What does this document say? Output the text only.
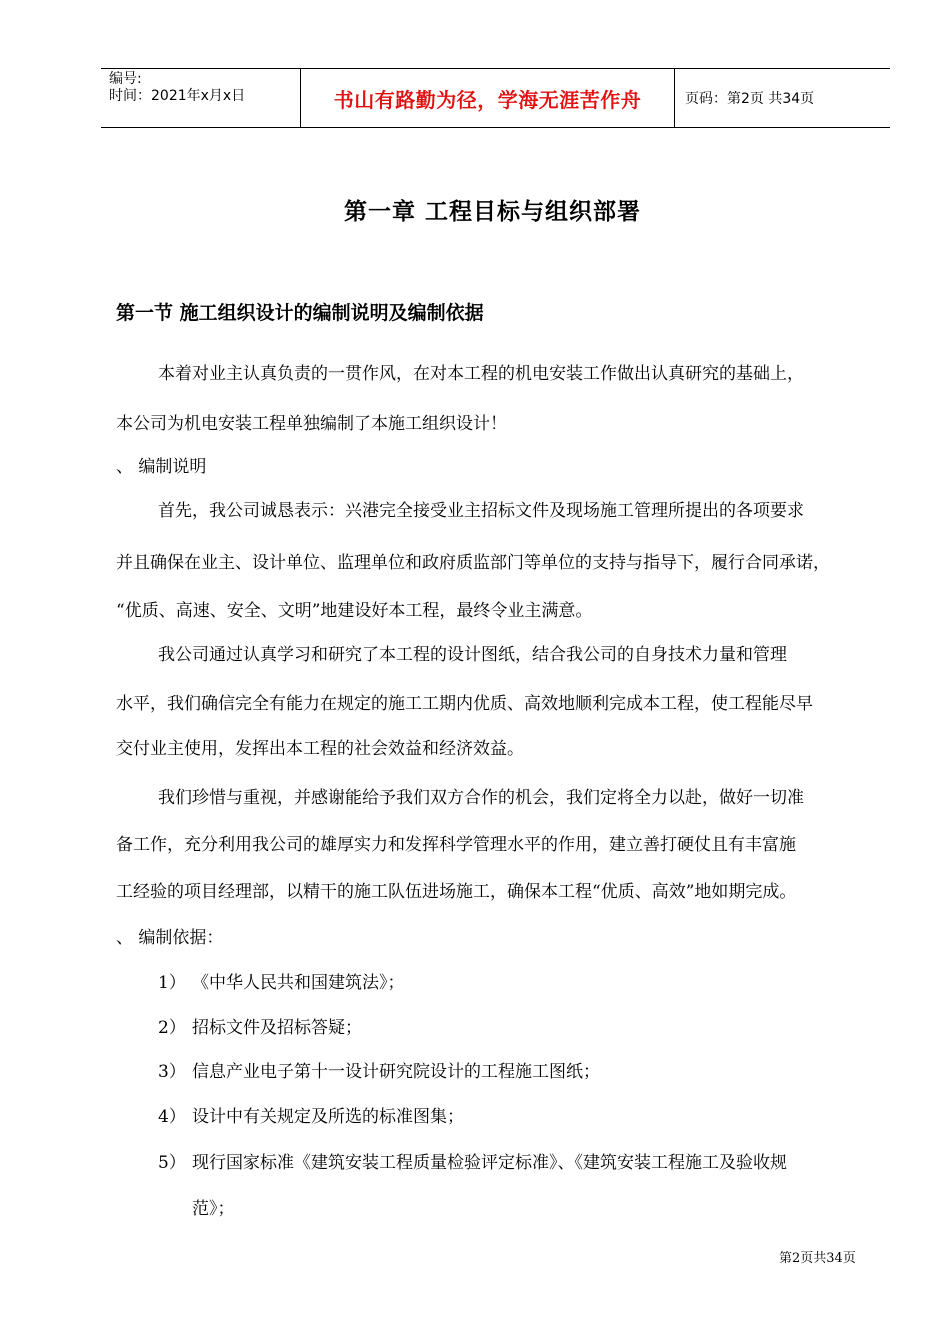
编号:
时间：2021年x月x日	书山有路勤为径，学海无涯苦作舟	页码：第2页 共34页
第一章 工程目标与组织部署
第一节 施工组织设计的编制说明及编制依据
本着对业主认真负责的一贯作风，在对本工程的机电安装工作做出认真研究的基础上，
本公司为机电安装工程单独编制了本施工组织设计！
、 编制说明
首先，我公司诚恳表示：兴港完全接受业主招标文件及现场施工管理所提出的各项要求
并且确保在业主、设计单位、监理单位和政府质监部门等单位的支持与指导下，履行合同承诺，
“优质、高速、安全、文明”地建设好本工程，最终令业主满意。
我公司通过认真学习和研究了本工程的设计图纸，结合我公司的自身技术力量和管理
水平，我们确信完全有能力在规定的施工工期内优质、高效地顺利完成本工程，使工程能尽早
交付业主使用，发挥出本工程的社会效益和经济效益。
我们珍惜与重视，并感谢能给予我们双方合作的机会，我们定将全力以赴，做好一切准
备工作，充分利用我公司的雄厚实力和发挥科学管理水平的作用，建立善打硬仗且有丰富施
工经验的项目经理部，以精干的施工队伍进场施工，确保本工程“优质、高效”地如期完成。
、 编制依据：
1） 《中华人民共和国建筑法》；
2） 招标文件及招标答疑；
3） 信息产业电子第十一设计研究院设计的工程施工图纸；
4） 设计中有关规定及所选的标准图集；
5） 现行国家标准《建筑安装工程质量检验评定标准》、《建筑安装工程施工及验收规
范》；
第2页共34页
